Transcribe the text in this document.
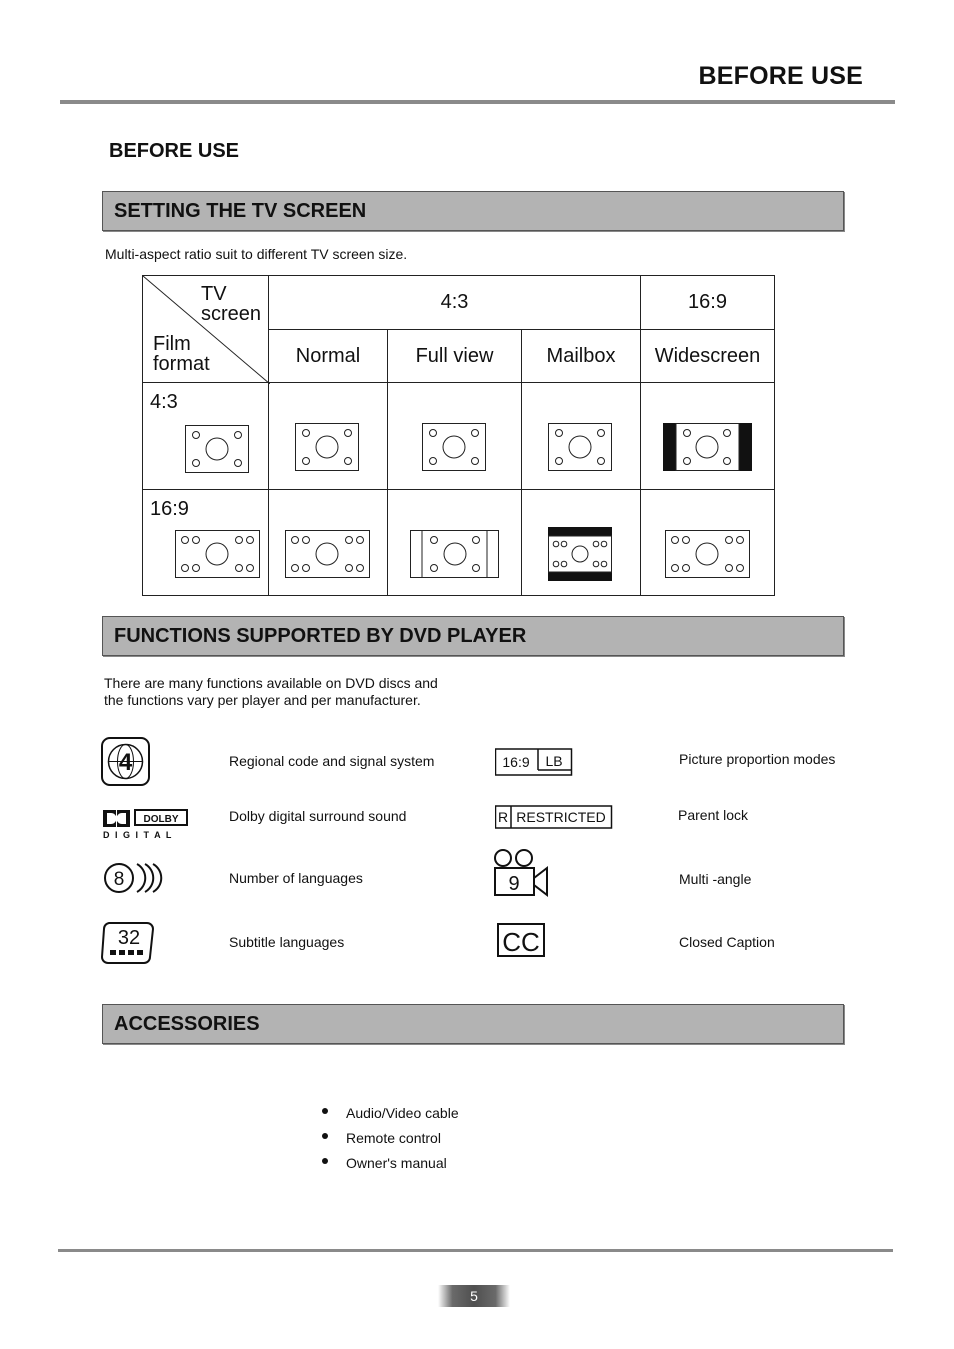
BEFORE USE
BEFORE USE
SETTING THE TV SCREEN
Multi-aspect ratio suit to different TV screen size.
TV
screen
Film
format
4:3	16:9
Normal	Full view	Mailbox	Widescreen
4:3
16:9
FUNCTIONS SUPPORTED BY DVD PLAYER
There are many functions available on DVD discs and
the functions vary per player and per manufacturer.
4	Regional code and signal system
DOLBY
D I G I T A L
Dolby digital surround sound
8	Number of languages
32	Subtitle languages
16:9 LB	Picture proportion modes
R RESTRICTED	Parent lock
9	Multi -angle
CC	Closed Caption
ACCESSORIES
Audio/Video cable
Remote control
Owner's manual
5
